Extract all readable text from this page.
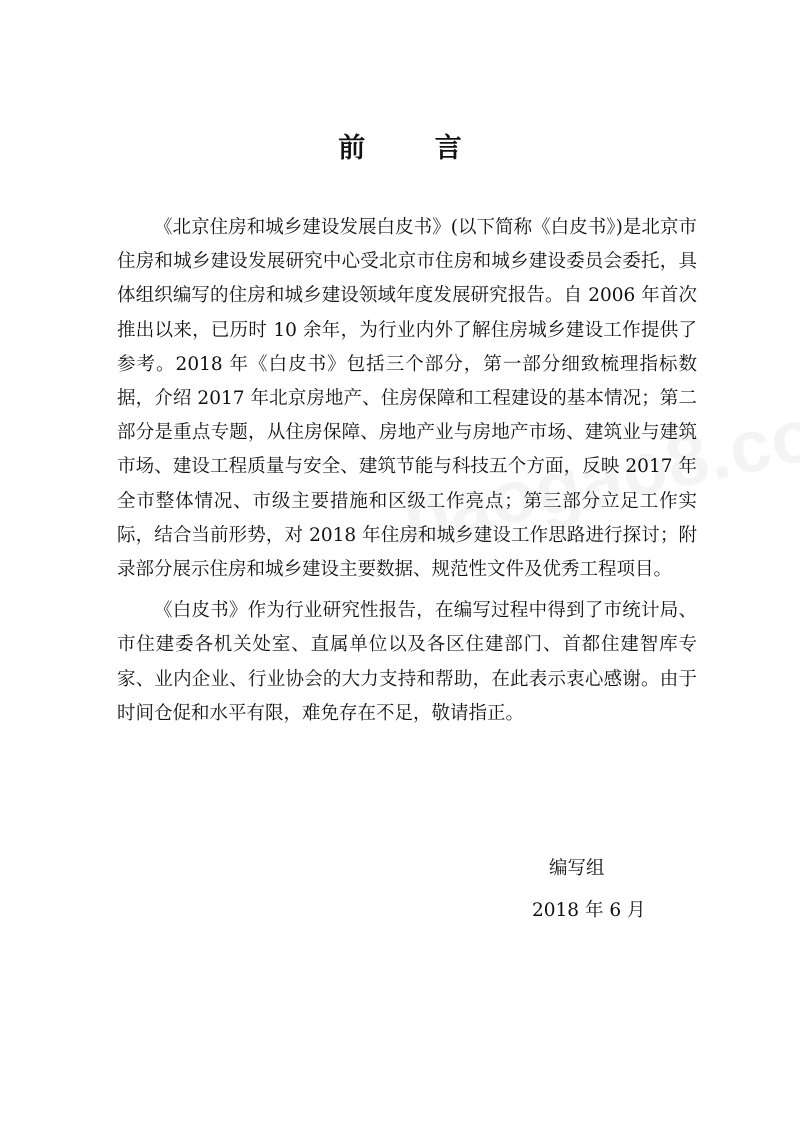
前 言

《北京住房和城乡建设发展白皮书》(以下简称《白皮书》)是北京市住房和城乡建设发展研究中心受北京市住房和城乡建设委员会委托，具体组织编写的住房和城乡建设领域年度发展研究报告。自 2006 年首次推出以来，已历时 10 余年，为行业内外了解住房城乡建设工作提供了参考。2018 年《白皮书》包括三个部分，第一部分细致梳理指标数据，介绍 2017 年北京房地产、住房保障和工程建设的基本情况；第二部分是重点专题，从住房保障、房地产业与房地产市场、建筑业与建筑市场、建设工程质量与安全、建筑节能与科技五个方面，反映 2017 年全市整体情况、市级主要措施和区级工作亮点；第三部分立足工作实际，结合当前形势，对 2018 年住房和城乡建设工作思路进行探讨；附录部分展示住房和城乡建设主要数据、规范性文件及优秀工程项目。

《白皮书》作为行业研究性报告，在编写过程中得到了市统计局、市住建委各机关处室、直属单位以及各区住建部门、首都住建智库专家、业内企业、行业协会的大力支持和帮助，在此表示衷心感谢。由于时间仓促和水平有限，难免存在不足，敬请指正。

编写组

2018 年 6 月
